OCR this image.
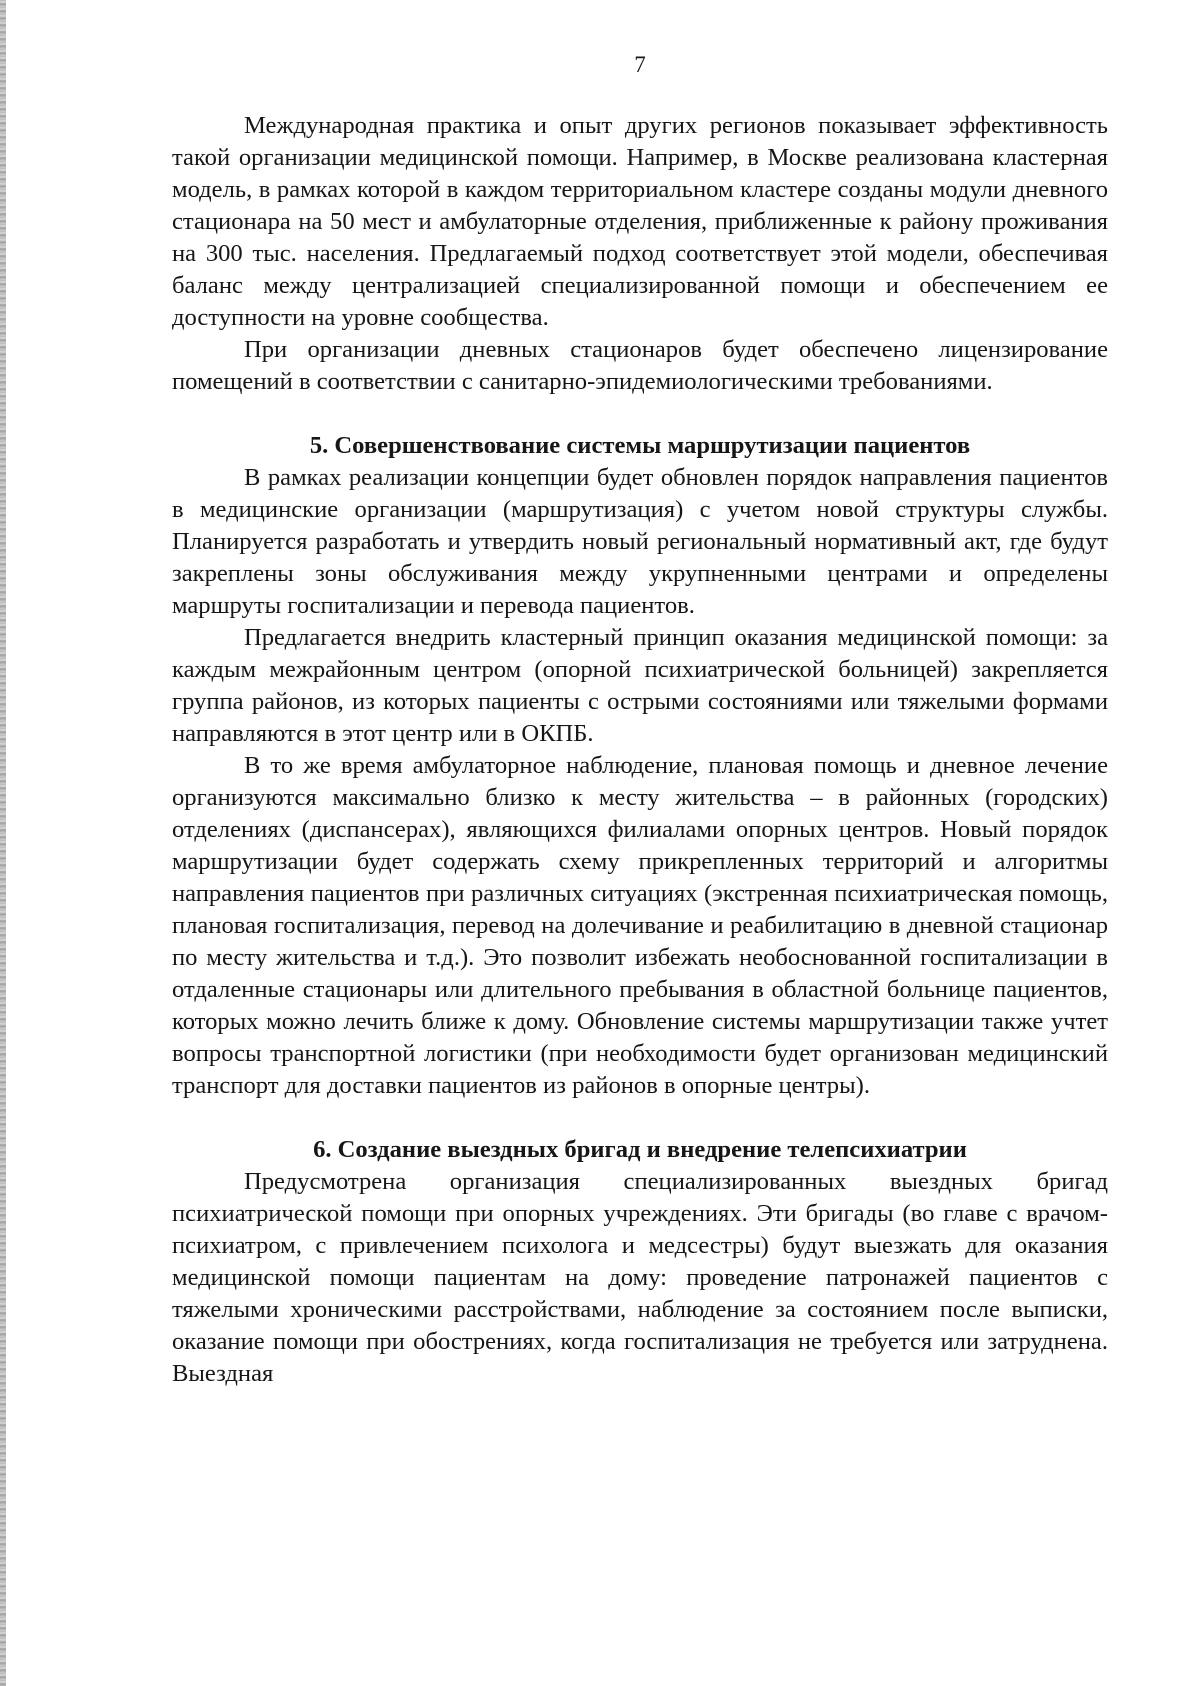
7

Международная практика и опыт других регионов показывает эффективность такой организации медицинской помощи. Например, в Москве реализована кластерная модель, в рамках которой в каждом территориальном кластере созданы модули дневного стационара на 50 мест и амбулаторные отделения, приближенные к району проживания на 300 тыс. населения. Предлагаемый подход соответствует этой модели, обеспечивая баланс между централизацией специализированной помощи и обеспечением ее доступности на уровне сообщества.

При организации дневных стационаров будет обеспечено лицензирование помещений в соответствии с санитарно-эпидемиологическими требованиями.

5. Совершенствование системы маршрутизации пациентов

В рамках реализации концепции будет обновлен порядок направления пациентов в медицинские организации (маршрутизация) с учетом новой структуры службы. Планируется разработать и утвердить новый региональный нормативный акт, где будут закреплены зоны обслуживания между укрупненными центрами и определены маршруты госпитализации и перевода пациентов.

Предлагается внедрить кластерный принцип оказания медицинской помощи: за каждым межрайонным центром (опорной психиатрической больницей) закрепляется группа районов, из которых пациенты с острыми состояниями или тяжелыми формами направляются в этот центр или в ОКПБ.

В то же время амбулаторное наблюдение, плановая помощь и дневное лечение организуются максимально близко к месту жительства – в районных (городских) отделениях (диспансерах), являющихся филиалами опорных центров. Новый порядок маршрутизации будет содержать схему прикрепленных территорий и алгоритмы направления пациентов при различных ситуациях (экстренная психиатрическая помощь, плановая госпитализация, перевод на долечивание и реабилитацию в дневной стационар по месту жительства и т.д.). Это позволит избежать необоснованной госпитализации в отдаленные стационары или длительного пребывания в областной больнице пациентов, которых можно лечить ближе к дому. Обновление системы маршрутизации также учтет вопросы транспортной логистики (при необходимости будет организован медицинский транспорт для доставки пациентов из районов в опорные центры).

6. Создание выездных бригад и внедрение телепсихиатрии

Предусмотрена организация специализированных выездных бригад психиатрической помощи при опорных учреждениях. Эти бригады (во главе с врачом-психиатром, с привлечением психолога и медсестры) будут выезжать для оказания медицинской помощи пациентам на дому: проведение патронажей пациентов с тяжелыми хроническими расстройствами, наблюдение за состоянием после выписки, оказание помощи при обострениях, когда госпитализация не требуется или затруднена. Выездная
